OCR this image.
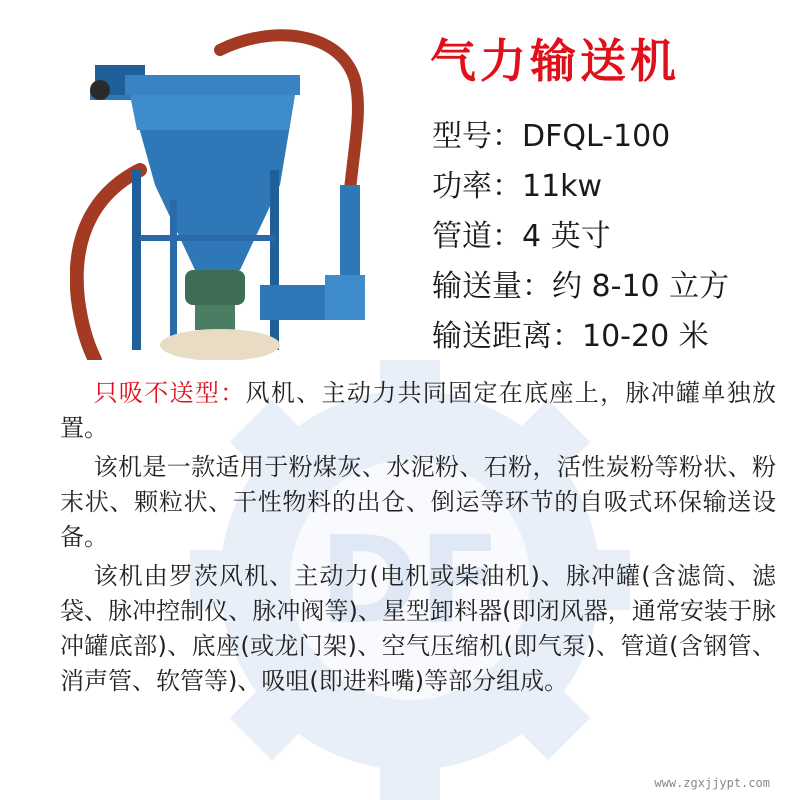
DF
气力输送机
型号：DFQL-100
功率：11kw
管道：4 英寸
输送量：约 8-10 立方
输送距离：10-20 米

只吸不送型：风机、主动力共同固定在底座上，脉冲罐单独放置。

该机是一款适用于粉煤灰、水泥粉、石粉，活性炭粉等粉状、粉末状、颗粒状、干性物料的出仓、倒运等环节的自吸式环保输送设备。

该机由罗茨风机、主动力(电机或柴油机)、脉冲罐(含滤筒、滤袋、脉冲控制仪、脉冲阀等)、星型卸料器(即闭风器，通常安装于脉冲罐底部)、底座(或龙门架)、空气压缩机(即气泵)、管道(含钢管、消声管、软管等)、吸咀(即进料嘴)等部分组成。

www.zgxjjypt.com
